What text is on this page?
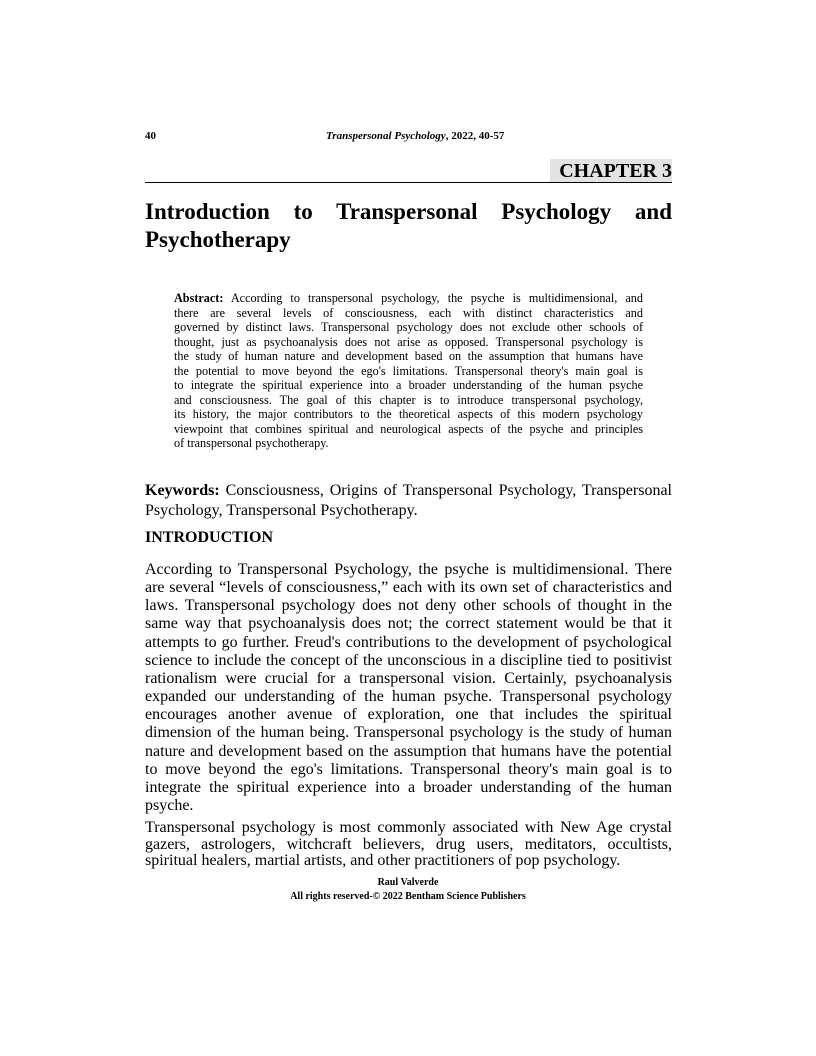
40	Transpersonal Psychology, 2022, 40-57
CHAPTER 3
Introduction to Transpersonal Psychology and
Psychotherapy
Abstract: According to transpersonal psychology, the psyche is multidimensional, and
there are several levels of consciousness, each with distinct characteristics and
governed by distinct laws. Transpersonal psychology does not exclude other schools of
thought, just as psychoanalysis does not arise as opposed. Transpersonal psychology is
the study of human nature and development based on the assumption that humans have
the potential to move beyond the ego's limitations. Transpersonal theory's main goal is
to integrate the spiritual experience into a broader understanding of the human psyche
and consciousness. The goal of this chapter is to introduce transpersonal psychology,
its history, the major contributors to the theoretical aspects of this modern psychology
viewpoint that combines spiritual and neurological aspects of the psyche and principles
of transpersonal psychotherapy.
Keywords: Consciousness, Origins of Transpersonal Psychology, Transpersonal
Psychology, Transpersonal Psychotherapy.
INTRODUCTION
According to Transpersonal Psychology, the psyche is multidimensional. There
are several “levels of consciousness,” each with its own set of characteristics and
laws. Transpersonal psychology does not deny other schools of thought in the
same way that psychoanalysis does not; the correct statement would be that it
attempts to go further. Freud's contributions to the development of psychological
science to include the concept of the unconscious in a discipline tied to positivist
rationalism were crucial for a transpersonal vision. Certainly, psychoanalysis
expanded our understanding of the human psyche. Transpersonal psychology
encourages another avenue of exploration, one that includes the spiritual
dimension of the human being. Transpersonal psychology is the study of human
nature and development based on the assumption that humans have the potential
to move beyond the ego's limitations. Transpersonal theory's main goal is to
integrate the spiritual experience into a broader understanding of the human
psyche.
Transpersonal psychology is most commonly associated with New Age crystal
gazers, astrologers, witchcraft believers, drug users, meditators, occultists,
spiritual healers, martial artists, and other practitioners of pop psychology.
Raul Valverde
All rights reserved-© 2022 Bentham Science Publishers
